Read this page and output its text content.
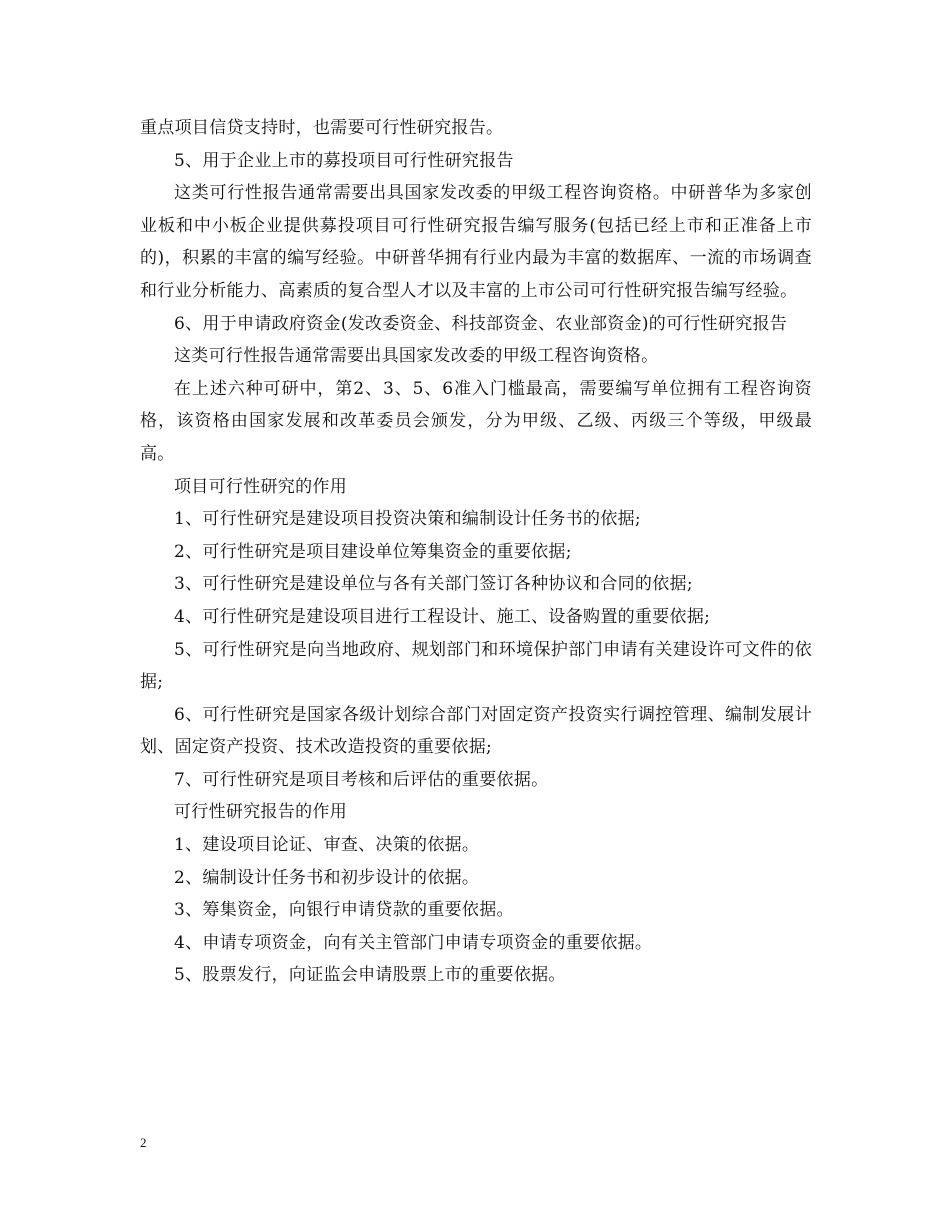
重点项目信贷支持时，也需要可行性研究报告。

5、用于企业上市的募投项目可行性研究报告

这类可行性报告通常需要出具国家发改委的甲级工程咨询资格。中研普华为多家创业板和中小板企业提供募投项目可行性研究报告编写服务(包括已经上市和正准备上市的)，积累的丰富的编写经验。中研普华拥有行业内最为丰富的数据库、一流的市场调查和行业分析能力、高素质的复合型人才以及丰富的上市公司可行性研究报告编写经验。

6、用于申请政府资金(发改委资金、科技部资金、农业部资金)的可行性研究报告

这类可行性报告通常需要出具国家发改委的甲级工程咨询资格。

在上述六种可研中，第2、3、5、6准入门槛最高，需要编写单位拥有工程咨询资格，该资格由国家发展和改革委员会颁发，分为甲级、乙级、丙级三个等级，甲级最高。

项目可行性研究的作用

1、可行性研究是建设项目投资决策和编制设计任务书的依据;

2、可行性研究是项目建设单位筹集资金的重要依据;

3、可行性研究是建设单位与各有关部门签订各种协议和合同的依据;

4、可行性研究是建设项目进行工程设计、施工、设备购置的重要依据;

5、可行性研究是向当地政府、规划部门和环境保护部门申请有关建设许可文件的依据;

6、可行性研究是国家各级计划综合部门对固定资产投资实行调控管理、编制发展计划、固定资产投资、技术改造投资的重要依据;

7、可行性研究是项目考核和后评估的重要依据。

可行性研究报告的作用

1、建设项目论证、审查、决策的依据。

2、编制设计任务书和初步设计的依据。

3、筹集资金，向银行申请贷款的重要依据。

4、申请专项资金，向有关主管部门申请专项资金的重要依据。

5、股票发行，向证监会申请股票上市的重要依据。

2
